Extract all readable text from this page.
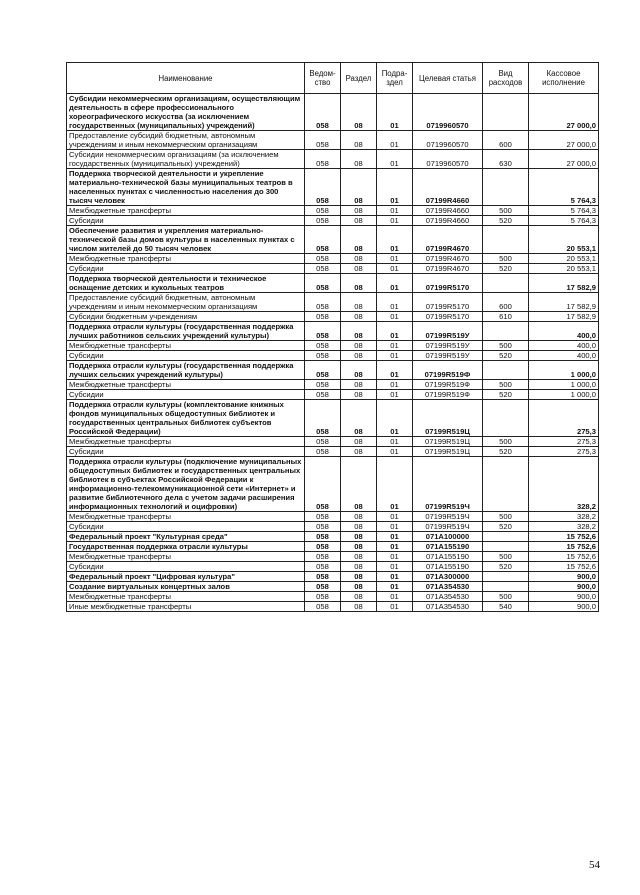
Наименование	Ведом-ство	Раздел	Подра-здел	Целевая статья	Вид расходов	Кассовое исполнение
Субсидии некоммерческим организациям, осуществляющим деятельность в сфере профессионального хореографического искусства (за исключением государственных (муниципальных) учреждений)	058	08	01	0719960570		27 000,0
Предоставление субсидий бюджетным, автономным учреждениям и иным некоммерческим организациям	058	08	01	0719960570	600	27 000,0
Субсидии некоммерческим организациям (за исключением государственных (муниципальных) учреждений)	058	08	01	0719960570	630	27 000,0
Поддержка творческой деятельности и укрепление материально-технической базы муниципальных театров в населенных пунктах с численностью населения до 300 тысяч человек	058	08	01	07199R4660		5 764,3
Межбюджетные трансферты	058	08	01	07199R4660	500	5 764,3
Субсидии	058	08	01	07199R4660	520	5 764,3
Обеспечение развития и укрепления материально-технической базы домов культуры в населенных пунктах с числом жителей до 50 тысяч человек	058	08	01	07199R4670		20 553,1
Межбюджетные трансферты	058	08	01	07199R4670	500	20 553,1
Субсидии	058	08	01	07199R4670	520	20 553,1
Поддержка творческой деятельности и техническое оснащение детских и кукольных театров	058	08	01	07199R5170		17 582,9
Предоставление субсидий бюджетным, автономным учреждениям и иным некоммерческим организациям	058	08	01	07199R5170	600	17 582,9
Субсидии бюджетным учреждениям	058	08	01	07199R5170	610	17 582,9
Поддержка отрасли культуры (государственная поддержка лучших работников сельских учреждений культуры)	058	08	01	07199R519У		400,0
Межбюджетные трансферты	058	08	01	07199R519У	500	400,0
Субсидии	058	08	01	07199R519У	520	400,0
Поддержка отрасли культуры (государственная поддержка лучших сельских учреждений культуры)	058	08	01	07199R519Ф		1 000,0
Межбюджетные трансферты	058	08	01	07199R519Ф	500	1 000,0
Субсидии	058	08	01	07199R519Ф	520	1 000,0
Поддержка отрасли культуры (комплектование книжных фондов муниципальных общедоступных библиотек и государственных центральных библиотек субъектов Российской Федерации)	058	08	01	07199R519Ц		275,3
Межбюджетные трансферты	058	08	01	07199R519Ц	500	275,3
Субсидии	058	08	01	07199R519Ц	520	275,3
Поддержка отрасли культуры (подключение муниципальных общедоступных библиотек и государственных центральных библиотек в субъектах Российской Федерации к информационно-телекоммуникационной сети «Интернет» и развитие библиотечного дела с учетом задачи расширения информационных технологий и оцифровки)	058	08	01	07199R519Ч		328,2
Межбюджетные трансферты	058	08	01	07199R519Ч	500	328,2
Субсидии	058	08	01	07199R519Ч	520	328,2
Федеральный проект "Культурная среда"	058	08	01	071A100000		15 752,6
Государственная поддержка отрасли культуры	058	08	01	071A155190		15 752,6
Межбюджетные трансферты	058	08	01	071A155190	500	15 752,6
Субсидии	058	08	01	071A155190	520	15 752,6
Федеральный проект "Цифровая культура"	058	08	01	071A300000		900,0
Создание виртуальных концертных залов	058	08	01	071A354530		900,0
Межбюджетные трансферты	058	08	01	071A354530	500	900,0
Иные межбюджетные трансферты	058	08	01	071A354530	540	900,0
54
